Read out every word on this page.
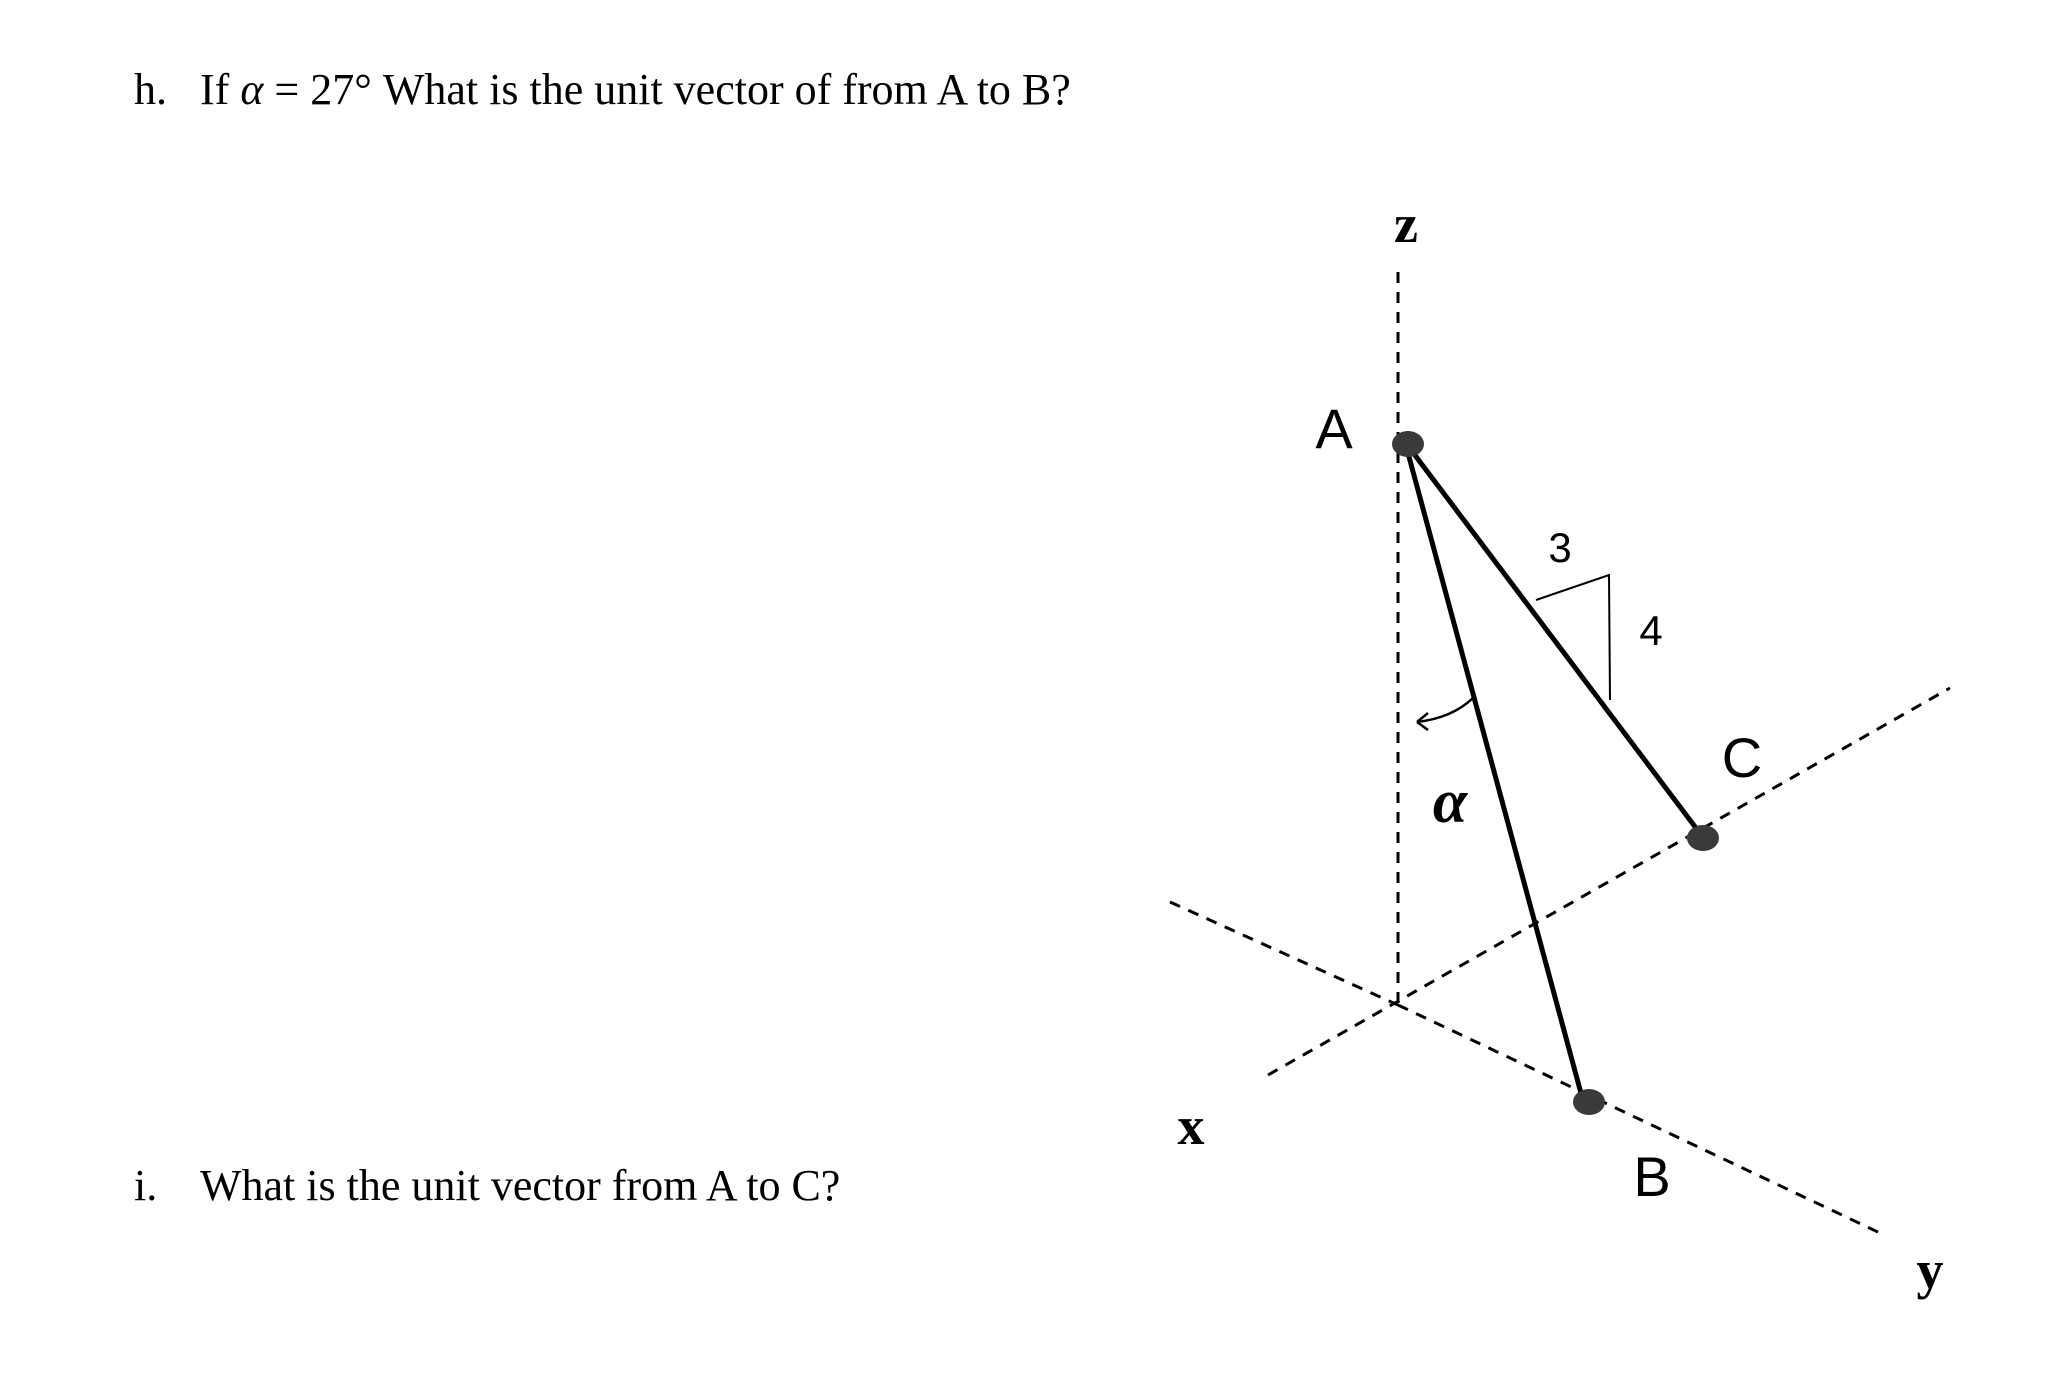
h. If α = 27° What is the unit vector of from A to B?
i. What is the unit vector from A to C?
z
x
y
A
B
C
3
4
α
